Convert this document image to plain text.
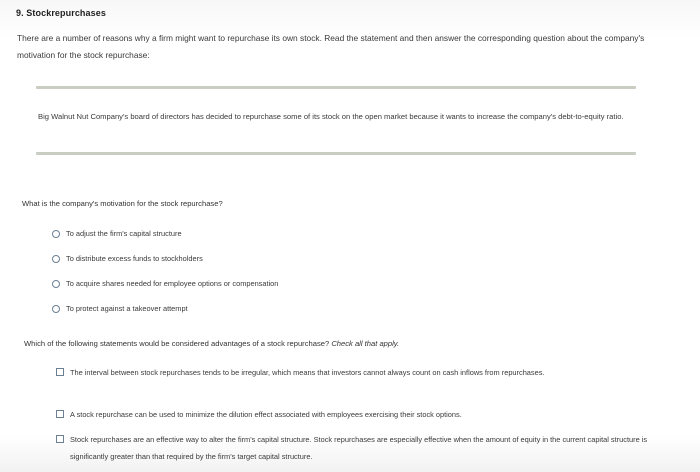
9. Stockrepurchases
There are a number of reasons why a firm might want to repurchase its own stock. Read the statement and then answer the corresponding question about the company's motivation for the stock repurchase:
Big Walnut Nut Company's board of directors has decided to repurchase some of its stock on the open market because it wants to increase the company's debt-to-equity ratio.
What is the company's motivation for the stock repurchase?
To adjust the firm's capital structure
To distribute excess funds to stockholders
To acquire shares needed for employee options or compensation
To protect against a takeover attempt
Which of the following statements would be considered advantages of a stock repurchase? Check all that apply.
The interval between stock repurchases tends to be irregular, which means that investors cannot always count on cash inflows from repurchases.
A stock repurchase can be used to minimize the dilution effect associated with employees exercising their stock options.
Stock repurchases are an effective way to alter the firm's capital structure. Stock repurchases are especially effective when the amount of equity in the current capital structure is significantly greater than that required by the firm's target capital structure.
